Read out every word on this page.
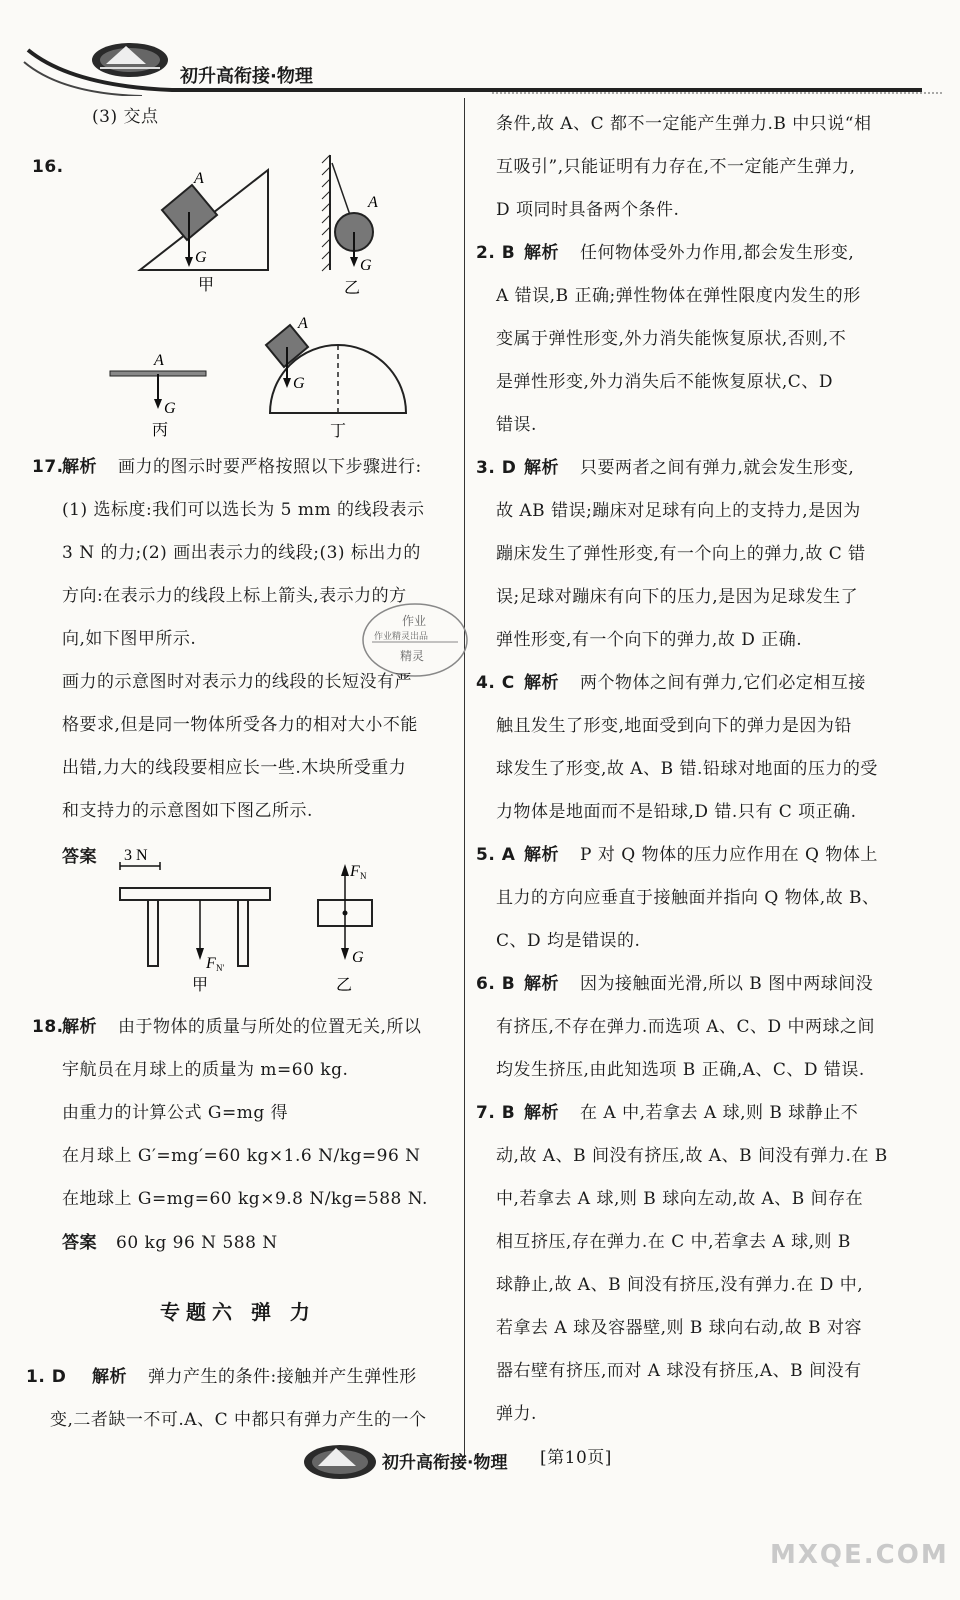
初升高衔接·物理
(3) 交点
16.
A
G
甲
A
G
乙
A
G
丙
A
G
丁
17.
解析 画力的图示时要严格按照以下步骤进行:
(1) 选标度:我们可以选长为 5 mm 的线段表示
3 N 的力;(2) 画出表示力的线段;(3) 标出力的
方向:在表示力的线段上标上箭头,表示力的方
向,如下图甲所示.
作业
作业精灵出品
精灵
画力的示意图时对表示力的线段的长短没有严
格要求,但是同一物体所受各力的相对大小不能
出错,力大的线段要相应长一些.木块所受重力
和支持力的示意图如下图乙所示.
答案 3 N
F N′
甲
F N
G
乙
18.
解析 由于物体的质量与所处的位置无关,所以
宇航员在月球上的质量为 m=60 kg.
由重力的计算公式 G=mg 得
在月球上 G′=mg′=60 kg×1.6 N/kg=96 N
在地球上 G=mg=60 kg×9.8 N/kg=588 N.
答案 60 kg 96 N 588 N
专题六 弹 力
1. D 解析 弹力产生的条件:接触并产生弹性形
变,二者缺一不可.A、C 中都只有弹力产生的一个
条件,故 A、C 都不一定能产生弹力.B 中只说“相
互吸引”,只能证明有力存在,不一定能产生弹力,
D 项同时具备两个条件.
2. B 解析 任何物体受外力作用,都会发生形变,
A 错误,B 正确;弹性物体在弹性限度内发生的形
变属于弹性形变,外力消失能恢复原状,否则,不
是弹性形变,外力消失后不能恢复原状,C、D
错误.
3. D 解析 只要两者之间有弹力,就会发生形变,
故 AB 错误;蹦床对足球有向上的支持力,是因为
蹦床发生了弹性形变,有一个向上的弹力,故 C 错
误;足球对蹦床有向下的压力,是因为足球发生了
弹性形变,有一个向下的弹力,故 D 正确.
4. C 解析 两个物体之间有弹力,它们必定相互接
触且发生了形变,地面受到向下的弹力是因为铅
球发生了形变,故 A、B 错.铅球对地面的压力的受
力物体是地面而不是铅球,D 错.只有 C 项正确.
5. A 解析 P 对 Q 物体的压力应作用在 Q 物体上
且力的方向应垂直于接触面并指向 Q 物体,故 B、
C、D 均是错误的.
6. B 解析 因为接触面光滑,所以 B 图中两球间没
有挤压,不存在弹力.而选项 A、C、D 中两球之间
均发生挤压,由此知选项 B 正确,A、C、D 错误.
7. B 解析 在 A 中,若拿去 A 球,则 B 球静止不
动,故 A、B 间没有挤压,故 A、B 间没有弹力.在 B
中,若拿去 A 球,则 B 球向左动,故 A、B 间存在
相互挤压,存在弹力.在 C 中,若拿去 A 球,则 B
球静止,故 A、B 间没有挤压,没有弹力.在 D 中,
若拿去 A 球及容器壁,则 B 球向右动,故 B 对容
器右壁有挤压,而对 A 球没有挤压,A、B 间没有
弹力.
初升高衔接·物理 [第10页]
MXQE.COM
